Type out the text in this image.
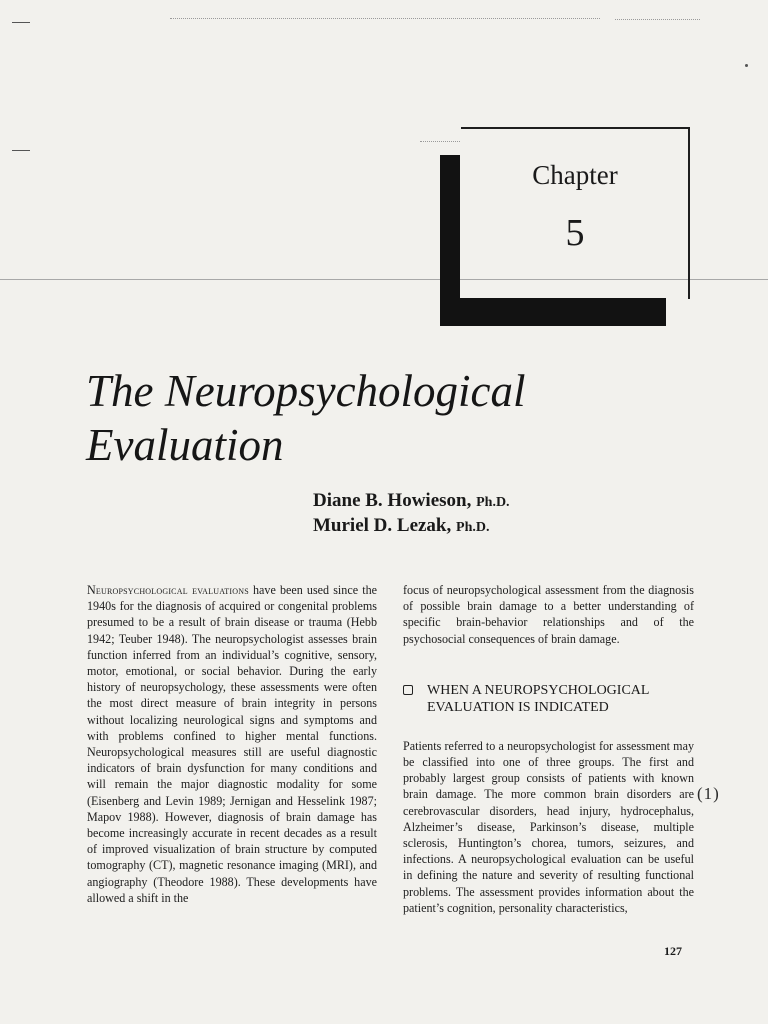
Chapter
5
The Neuropsychological
Evaluation
Diane B. Howieson, Ph.D.
Muriel D. Lezak, Ph.D.

Neuropsychological evaluations have been used since the 1940s for the diagnosis of acquired or congenital problems presumed to be a result of brain disease or trauma (Hebb 1942; Teuber 1948). The neuropsychologist assesses brain function inferred from an individual’s cognitive, sensory, motor, emotional, or social behavior. During the early history of neuropsychology, these assessments were often the most direct measure of brain integrity in persons without localizing neurological signs and symptoms and with problems confined to higher mental functions. Neuropsychological measures still are useful diagnostic indicators of brain dysfunction for many conditions and will remain the major diagnostic modality for some (Eisenberg and Levin 1989; Jernigan and Hesselink 1987; Mapov 1988). However, diagnosis of brain damage has become increasingly accurate in recent decades as a result of improved visualization of brain structure by computed tomography (CT), magnetic resonance imaging (MRI), and angiography (Theodore 1988). These developments have allowed a shift in the

focus of neuropsychological assessment from the diagnosis of possible brain damage to a better understanding of specific brain-behavior relationships and of the psychosocial consequences of brain damage.

WHEN A NEUROPSYCHOLOGICAL
EVALUATION IS INDICATED

Patients referred to a neuropsychologist for assessment may be classified into one of three groups. The first and probably largest group consists of patients with known brain damage. The more common brain disorders are cerebrovascular disorders, head injury, hydrocephalus, Alzheimer’s disease, Parkinson’s disease, multiple sclerosis, Huntington’s chorea, tumors, seizures, and infections. A neuropsychological evaluation can be useful in defining the nature and severity of resulting functional problems. The assessment provides information about the patient’s cognition, personality characteristics,

(1)
127
